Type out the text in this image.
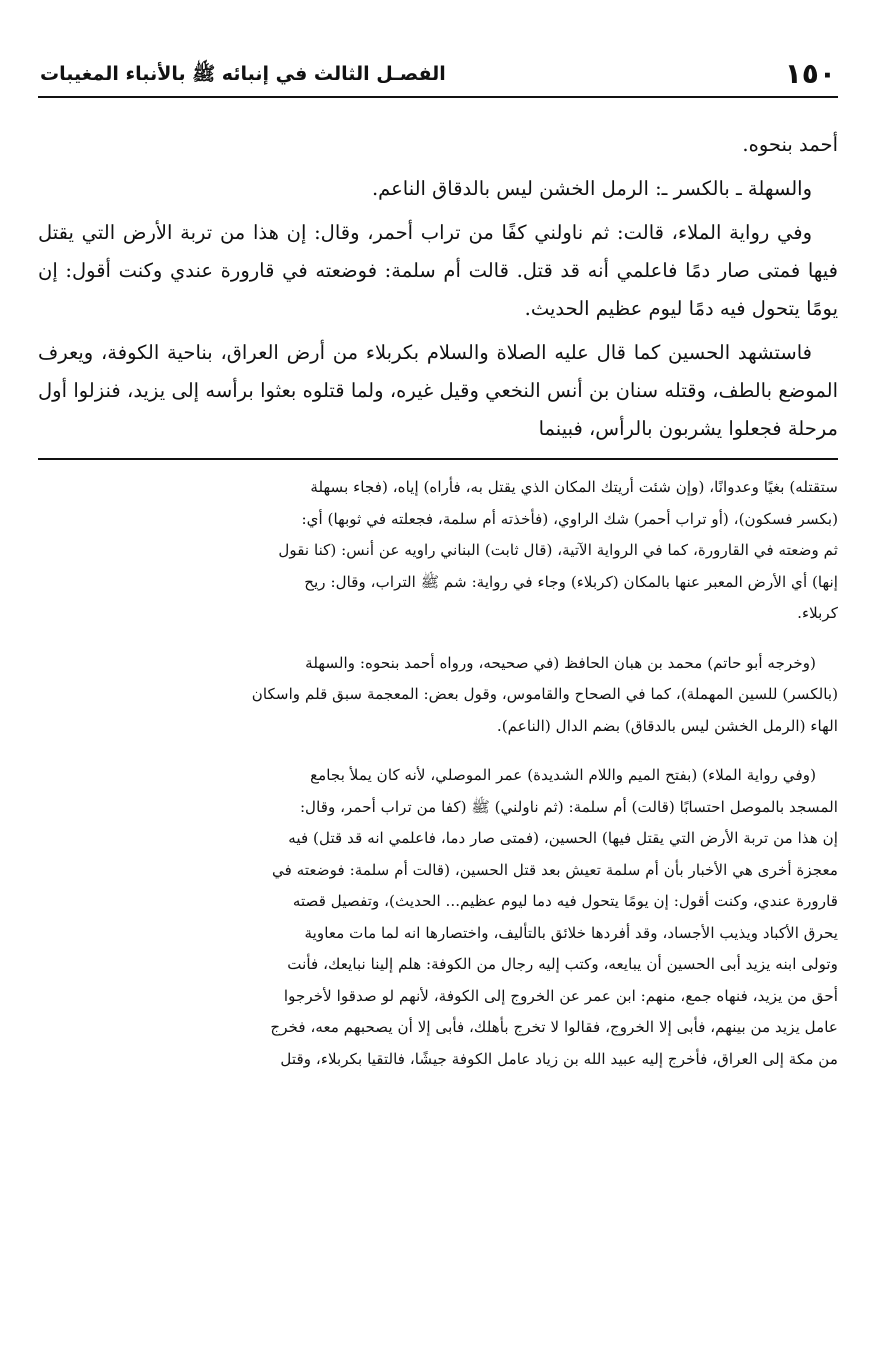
١٥٠
الفصـل الثالث في إنبائه ﷺ بالأنباء المغيبات

أحمد بنحوه.

والسهلة ـ بالكسر ـ: الرمل الخشن ليس بالدقاق الناعم.

وفي رواية الملاء، قالت: ثم ناولني كفًا من تراب أحمر، وقال: إن هذا من تربة الأرض التي يقتل فيها فمتى صار دمًا فاعلمي أنه قد قتل. قالت أم سلمة: فوضعته في قارورة عندي وكنت أقول: إن يومًا يتحول فيه دمًا ليوم عظيم الحديث.

فاستشهد الحسين كما قال عليه الصلاة والسلام بكربلاء من أرض العراق، بناحية الكوفة، ويعرف الموضع بالطف، وقتله سنان بن أنس النخعي وقيل غيره، ولما قتلوه بعثوا برأسه إلى يزيد، فنزلوا أول مرحلة فجعلوا يشربون بالرأس، فبينما

ستقتله) بغيًا وعدوانًا، (وإن شئت أريتك المكان الذي يقتل به، فأراه) إياه، (فجاء بسهلة

(بكسر فسكون)، (أو تراب أحمر) شك الراوي، (فأخذته أم سلمة، فجعلته في ثوبها) أي:

ثم وضعته في القارورة، كما في الرواية الآتية، (قال ثابت) البناني راويه عن أنس: (كنا نقول

إنها) أي الأرض المعبر عنها بالمكان (كربلاء) وجاء في رواية: شم ﷺ التراب، وقال: ريح

كربلاء.

(وخرجه أبو حاتم) محمد بن هبان الحافظ (في صحيحه، ورواه أحمد بنحوه: والسهلة

(بالكسر) للسين المهملة)، كما في الصحاح والقاموس، وقول بعض: المعجمة سبق قلم واسكان

الهاء (الرمل الخشن ليس بالدقاق) بضم الدال (الناعم).

(وفي رواية الملاء) (بفتح الميم واللام الشديدة) عمر الموصلي، لأنه كان يملأ بجامع

المسجد بالموصل احتسابًا (قالت) أم سلمة: (ثم ناولني) ﷺ (كفا من تراب أحمر، وقال:

إن هذا من تربة الأرض التي يقتل فيها) الحسين، (فمتى صار دما، فاعلمي انه قد قتل) فيه

معجزة أخرى هي الأخبار بأن أم سلمة تعيش بعد قتل الحسين، (قالت أم سلمة: فوضعته في

قارورة عندي، وكنت أقول: إن يومًا يتحول فيه دما ليوم عظيم... الحديث)، وتفصيل قصته

يحرق الأكباد ويذيب الأجساد، وقد أفردها خلائق بالتأليف، واختصارها انه لما مات معاوية

وتولى ابنه يزيد أبى الحسين أن يبايعه، وكتب إليه رجال من الكوفة: هلم إلينا نبايعك، فأنت

أحق من يزيد، فنهاه جمع، منهم: ابن عمر عن الخروج إلى الكوفة، لأنهم لو صدقوا لأخرجوا

عامل يزيد من بينهم، فأبى إلا الخروج، فقالوا لا تخرج بأهلك، فأبى إلا أن يصحبهم معه، فخرج

من مكة إلى العراق، فأخرج إليه عبيد الله بن زياد عامل الكوفة جيشًا، فالتقيا بكربلاء، وقتل
